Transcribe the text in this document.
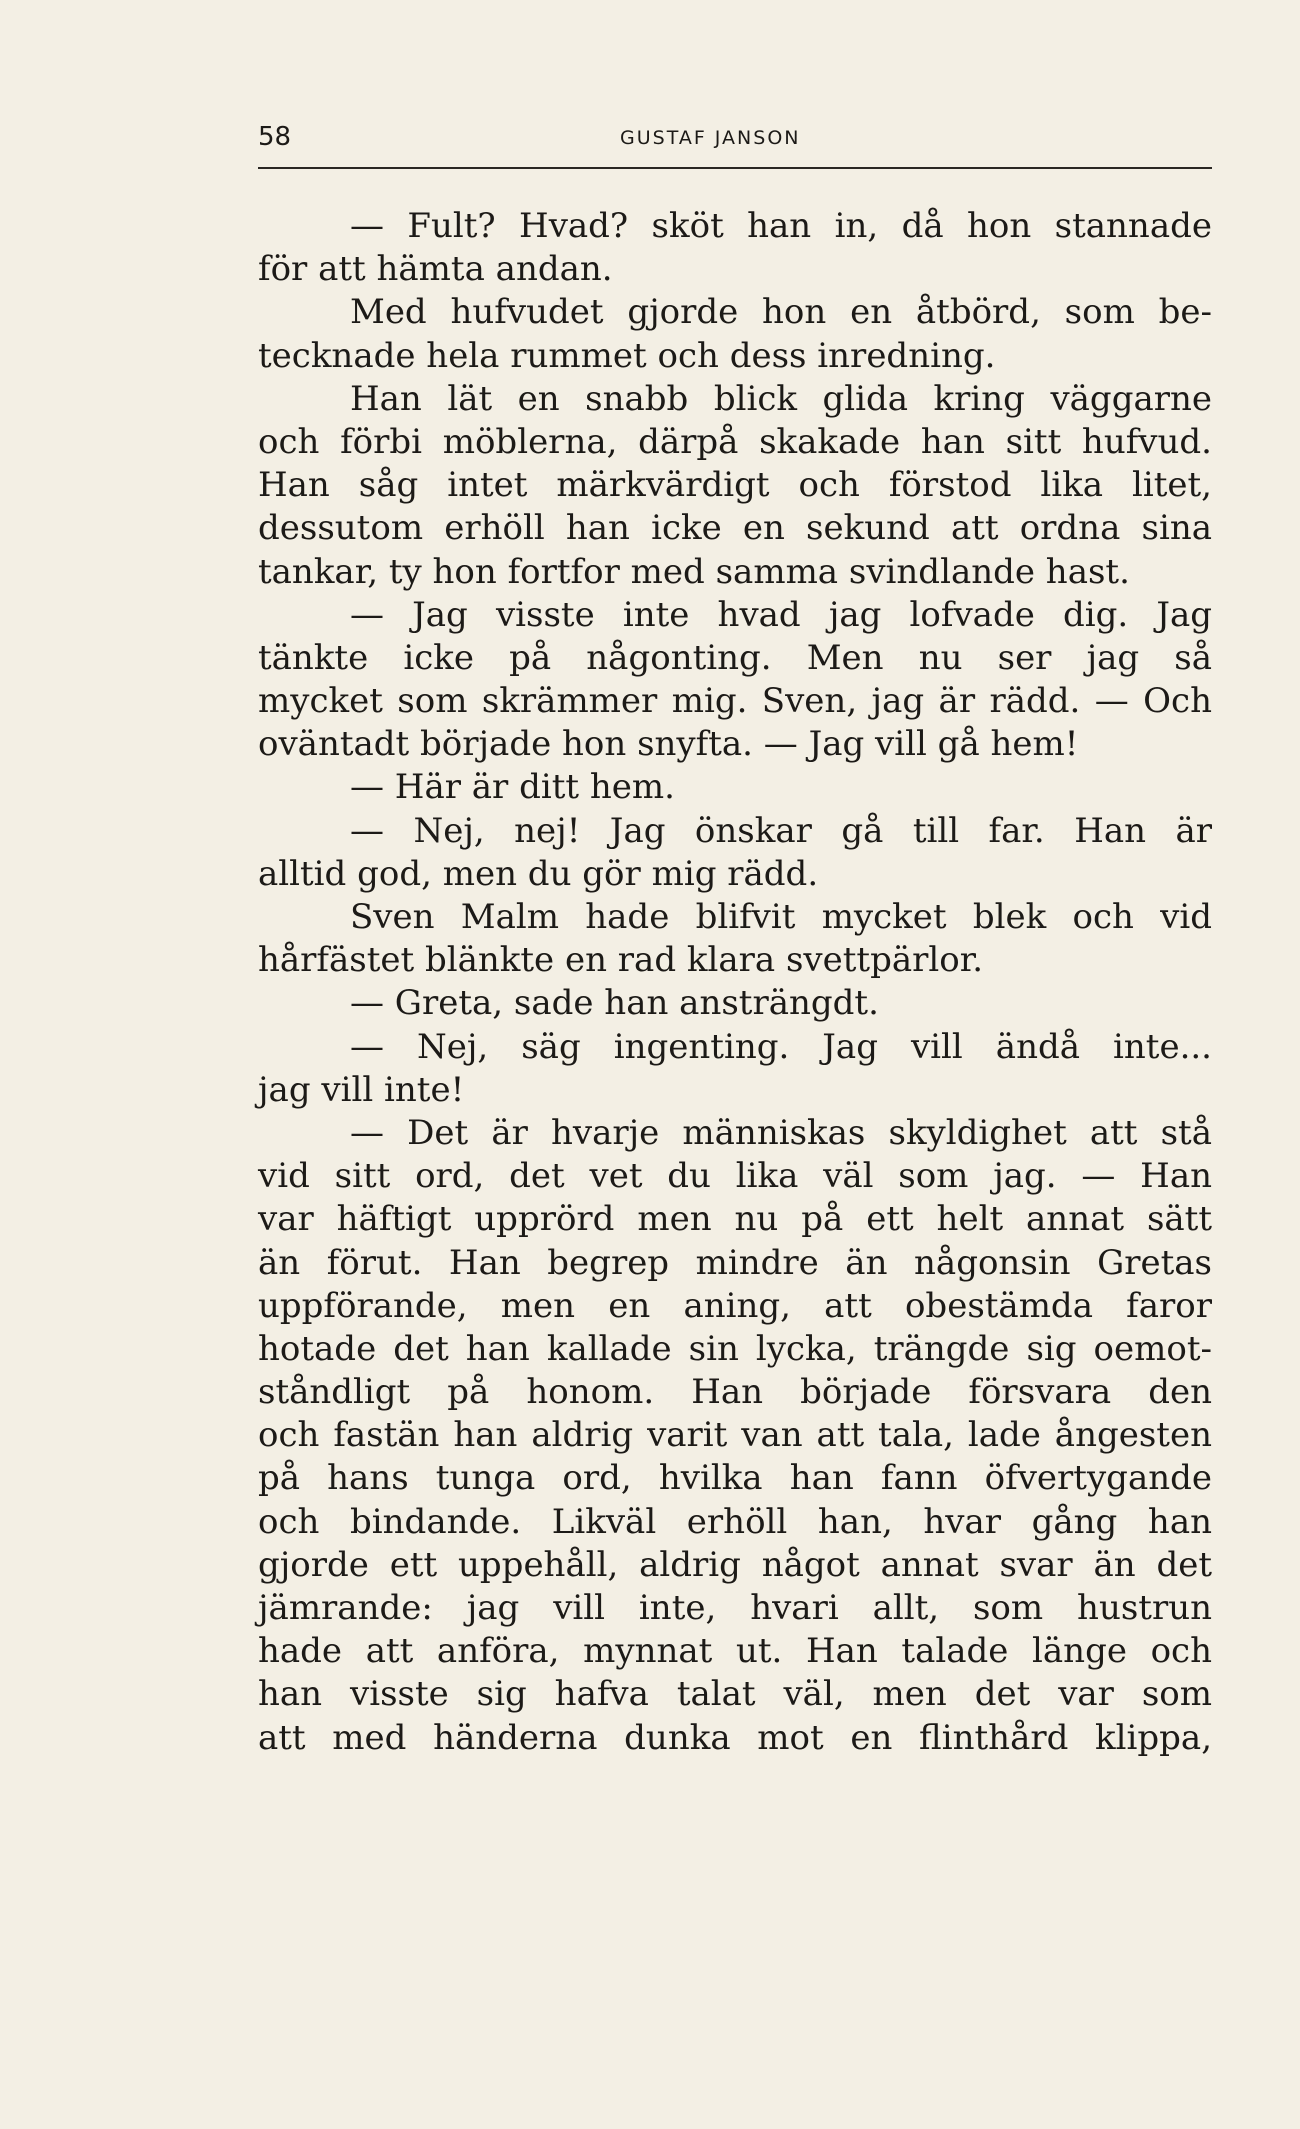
58	GUSTAF JANSON
— Fult? Hvad? sköt han in, då hon stannade
för att hämta andan.
Med hufvudet gjorde hon en åtbörd, som be-
tecknade hela rummet och dess inredning.
Han lät en snabb blick glida kring väggarne
och förbi möblerna, därpå skakade han sitt hufvud.
Han såg intet märkvärdigt och förstod lika litet,
dessutom erhöll han icke en sekund att ordna sina
tankar, ty hon fortfor med samma svindlande hast.
— Jag visste inte hvad jag lofvade dig. Jag
tänkte icke på någonting. Men nu ser jag så
mycket som skrämmer mig. Sven, jag är rädd. — Och
oväntadt började hon snyfta. — Jag vill gå hem!
— Här är ditt hem.
— Nej, nej! Jag önskar gå till far. Han är
alltid god, men du gör mig rädd.
Sven Malm hade blifvit mycket blek och vid
hårfästet blänkte en rad klara svettpärlor.
— Greta, sade han ansträngdt.
— Nej, säg ingenting. Jag vill ändå inte...
jag vill inte!
— Det är hvarje människas skyldighet att stå
vid sitt ord, det vet du lika väl som jag. — Han
var häftigt upprörd men nu på ett helt annat sätt
än förut. Han begrep mindre än någonsin Gretas
uppförande, men en aning, att obestämda faror
hotade det han kallade sin lycka, trängde sig oemot-
ståndligt på honom. Han började försvara den
och fastän han aldrig varit van att tala, lade ångesten
på hans tunga ord, hvilka han fann öfvertygande
och bindande. Likväl erhöll han, hvar gång han
gjorde ett uppehåll, aldrig något annat svar än det
jämrande: jag vill inte, hvari allt, som hustrun
hade att anföra, mynnat ut. Han talade länge och
han visste sig hafva talat väl, men det var som
att med händerna dunka mot en flinthård klippa,
